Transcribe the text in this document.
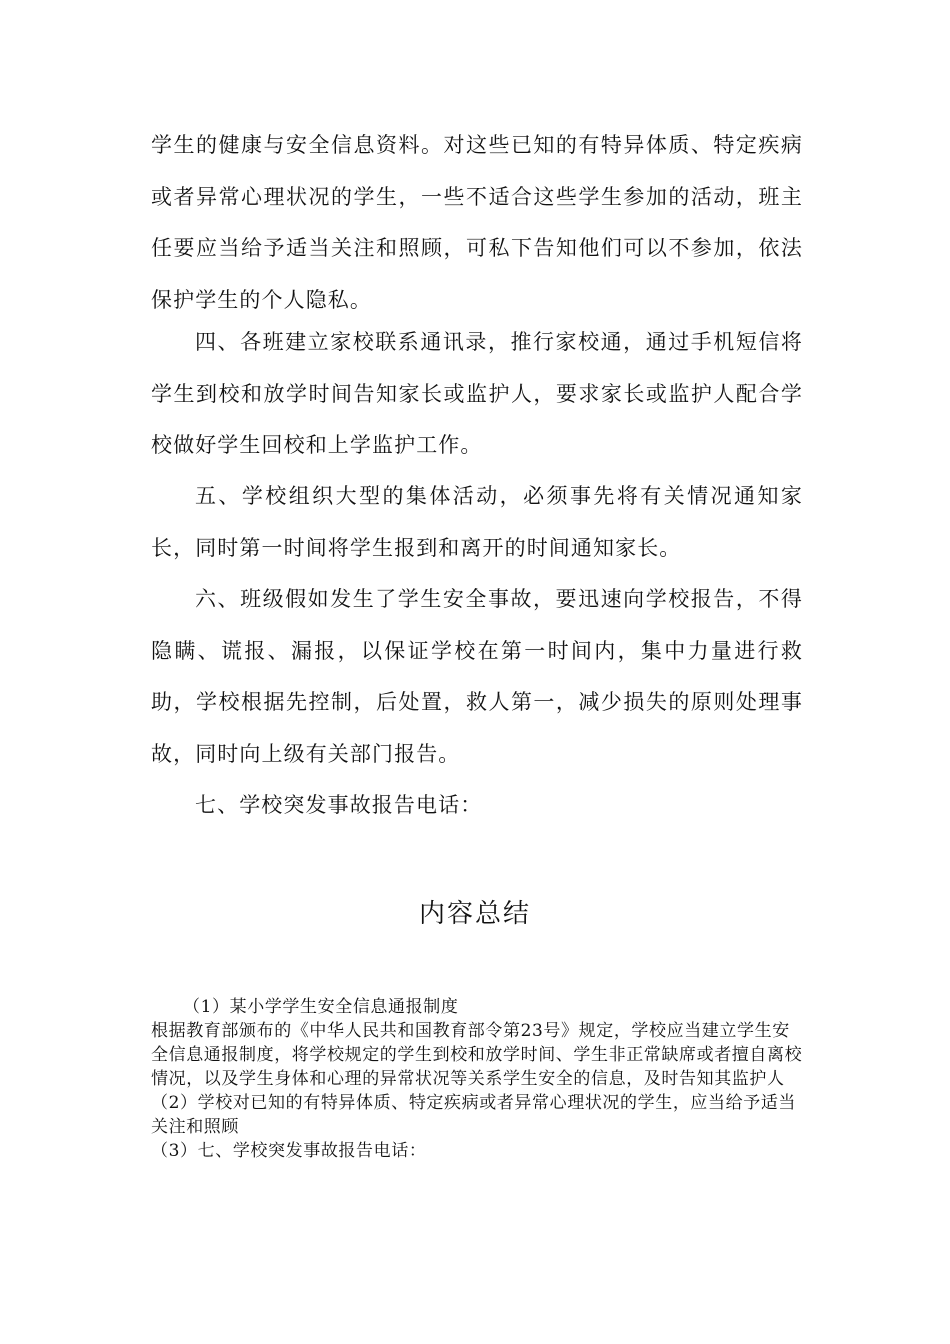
学生的健康与安全信息资料。对这些已知的有特异体质、特定疾病或者异常心理状况的学生，一些不适合这些学生参加的活动，班主任要应当给予适当关注和照顾，可私下告知他们可以不参加，依法保护学生的个人隐私。

四、各班建立家校联系通讯录，推行家校通，通过手机短信将学生到校和放学时间告知家长或监护人，要求家长或监护人配合学校做好学生回校和上学监护工作。

五、学校组织大型的集体活动，必须事先将有关情况通知家长，同时第一时间将学生报到和离开的时间通知家长。

六、班级假如发生了学生安全事故，要迅速向学校报告，不得隐瞒、谎报、漏报，以保证学校在第一时间内，集中力量进行救助，学校根据先控制，后处置，救人第一，减少损失的原则处理事故，同时向上级有关部门报告。

七、学校突发事故报告电话：

内容总结
（1）某小学学生安全信息通报制度
根据教育部颁布的《中华人民共和国教育部令第23号》规定，学校应当建立学生安全信息通报制度，将学校规定的学生到校和放学时间、学生非正常缺席或者擅自离校情况，以及学生身体和心理的异常状况等关系学生安全的信息，及时告知其监护人
（2）学校对已知的有特异体质、特定疾病或者异常心理状况的学生，应当给予适当关注和照顾
（3）七、学校突发事故报告电话：
